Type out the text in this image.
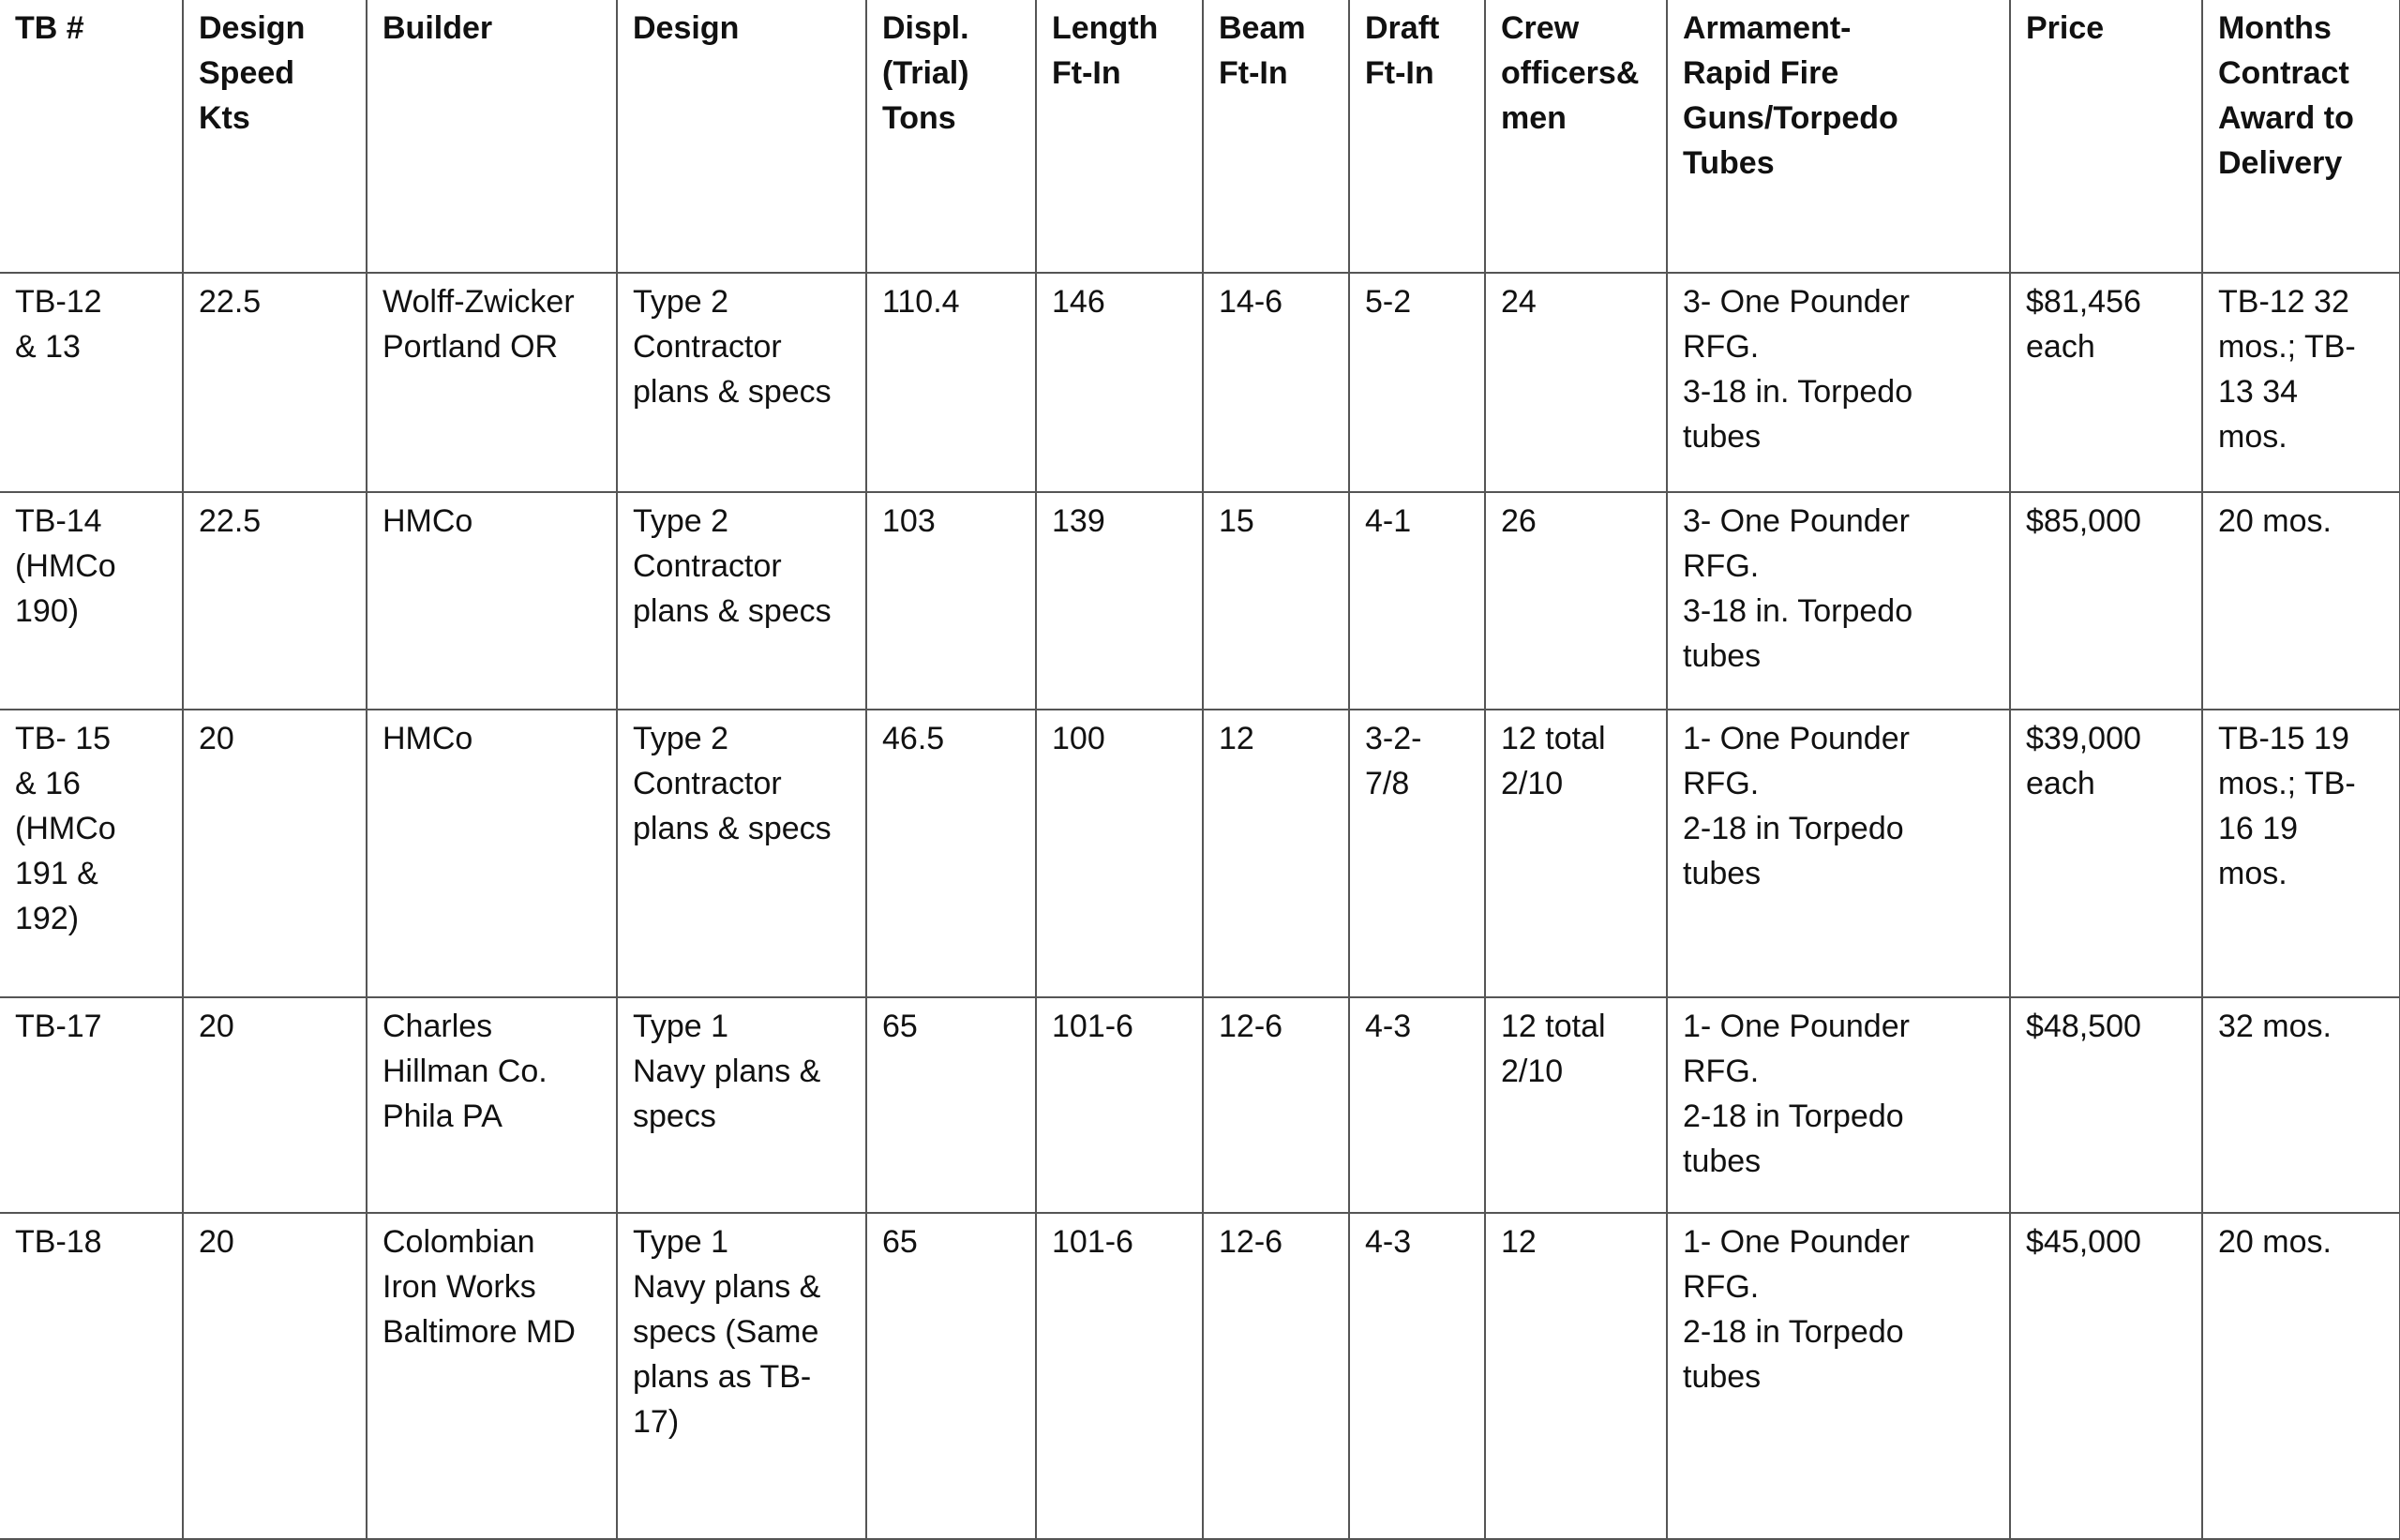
TB #	Design
Speed
Kts	Builder	Design	Displ.
(Trial)
Tons	Length
Ft-In	Beam
Ft-In	Draft
Ft-In	Crew
officers&
men	Armament-
Rapid Fire
Guns/Torpedo
Tubes	Price	Months
Contract
Award to
Delivery
TB-12
& 13	22.5	Wolff-Zwicker
Portland OR	Type 2
Contractor
plans & specs	110.4	146	14-6	5-2	24	3- One Pounder
RFG.
3-18 in. Torpedo
tubes	$81,456
each	TB-12 32
mos.; TB-
13 34
mos.
TB-14
(HMCo
190)	22.5	HMCo	Type 2
Contractor
plans & specs	103	139	15	4-1	26	3- One Pounder
RFG.
3-18 in. Torpedo
tubes	$85,000	20 mos.
TB- 15
& 16
(HMCo
191 &
192)	20	HMCo	Type 2
Contractor
plans & specs	46.5	100	12	3-2-
7/8	12 total
2/10	1- One Pounder
RFG.
2-18 in Torpedo
tubes	$39,000
each	TB-15 19
mos.; TB-
16 19
mos.
TB-17	20	Charles
Hillman Co.
Phila PA	Type 1
Navy plans &
specs	65	101-6	12-6	4-3	12 total
2/10	1- One Pounder
RFG.
2-18 in Torpedo
tubes	$48,500	32 mos.
TB-18	20	Colombian
Iron Works
Baltimore MD	Type 1
Navy plans &
specs (Same
plans as TB-
17)	65	101-6	12-6	4-3	12	1- One Pounder
RFG.
2-18 in Torpedo
tubes	$45,000	20 mos.
